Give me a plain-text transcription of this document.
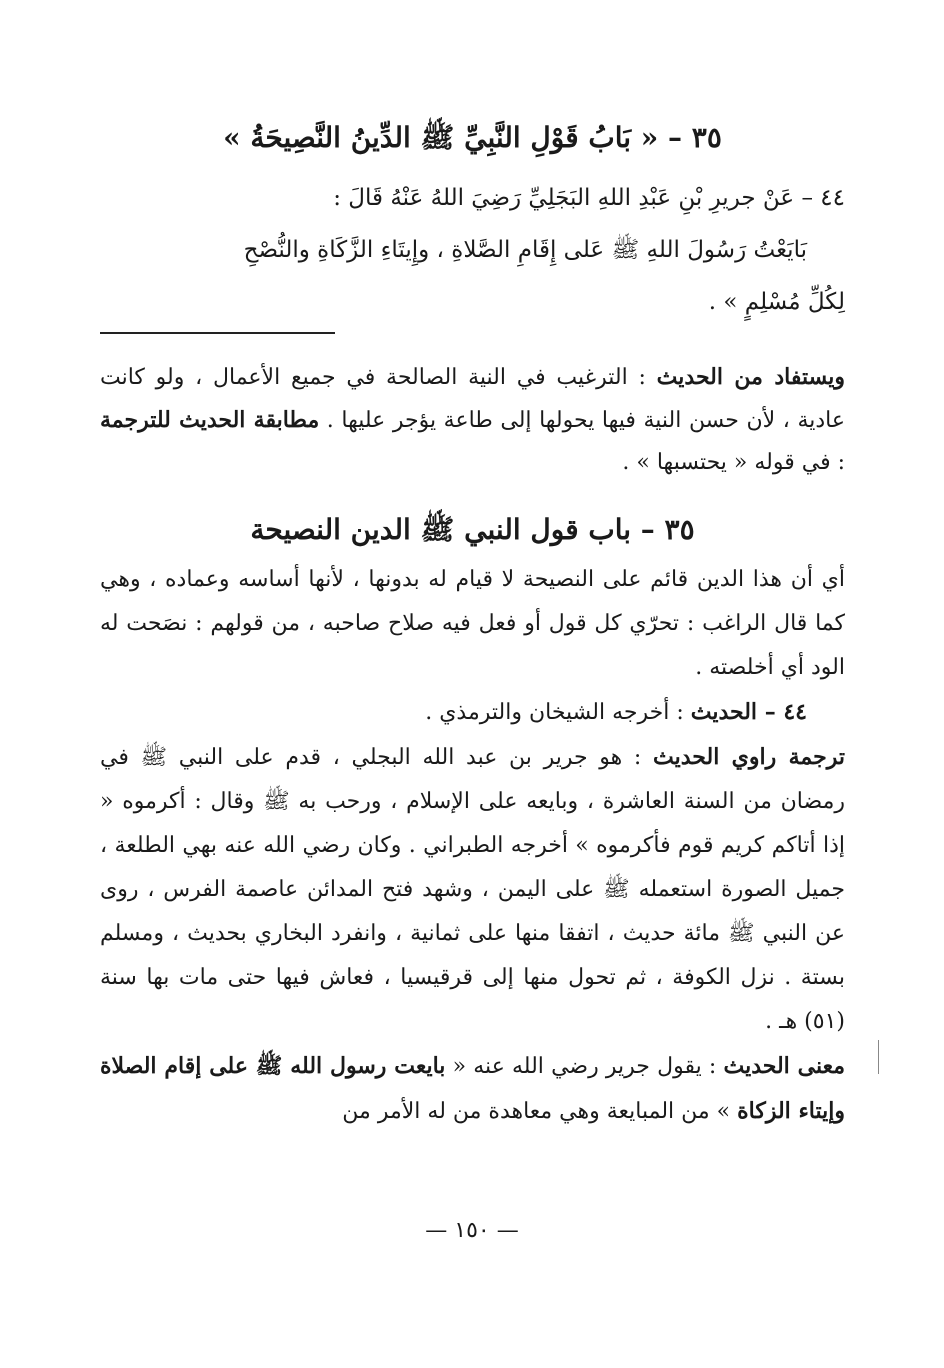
٣٥ – « بَابُ قَوْلِ النَّبِيِّ ﷺ الدِّينُ النَّصِيحَةُ »

٤٤ – عَنْ جريرِ بْنِ عَبْدِ اللهِ البَجَلِيِّ رَضِيَ اللهُ عَنْهُ قَالَ :

بَايَعْتُ رَسُولَ اللهِ ﷺ عَلى إِقَامِ الصَّلاةِ ، وإِيتَاءِ الزَّكَاةِ والنُّصْحِ

لِكُلِّ مُسْلِمٍ » .

ويستفاد من الحديث : الترغيب في النية الصالحة في جميع الأعمال ، ولو كانت عادية ، لأن حسن النية فيها يحولها إلى طاعة يؤجر عليها . مطابقة الحديث للترجمة : في قوله « يحتسبها » .

٣٥ – باب قول النبي ﷺ الدين النصيحة

أي أن هذا الدين قائم على النصيحة لا قيام له بدونها ، لأنها أساسه وعماده ، وهي كما قال الراغب : تحرّي كل قول أو فعل فيه صلاح صاحبه ، من قولهم : نصَحت له الود أي أخلصته .

٤٤ – الحديث : أخرجه الشيخان والترمذي .

ترجمة راوي الحديث : هو جرير بن عبد الله البجلي ، قدم على النبي ﷺ في رمضان من السنة العاشرة ، وبايعه على الإسلام ، ورحب به ﷺ وقال : أكرموه « إذا أتاكم كريم قوم فأكرموه » أخرجه الطبراني . وكان رضي الله عنه بهي الطلعة ، جميل الصورة استعمله ﷺ على اليمن ، وشهد فتح المدائن عاصمة الفرس ، روى عن النبي ﷺ مائة حديث ، اتفقا منها على ثمانية ، وانفرد البخاري بحديث ، ومسلم بستة . نزل الكوفة ، ثم تحول منها إلى قرقيسيا ، فعاش فيها حتى مات بها سنة (٥١) هـ .

معنى الحديث : يقول جرير رضي الله عنه « بايعت رسول الله ﷺ على إقام الصلاة وإيتاء الزكاة » من المبايعة وهي معاهدة من له الأمر من

— ١٥٠ —
